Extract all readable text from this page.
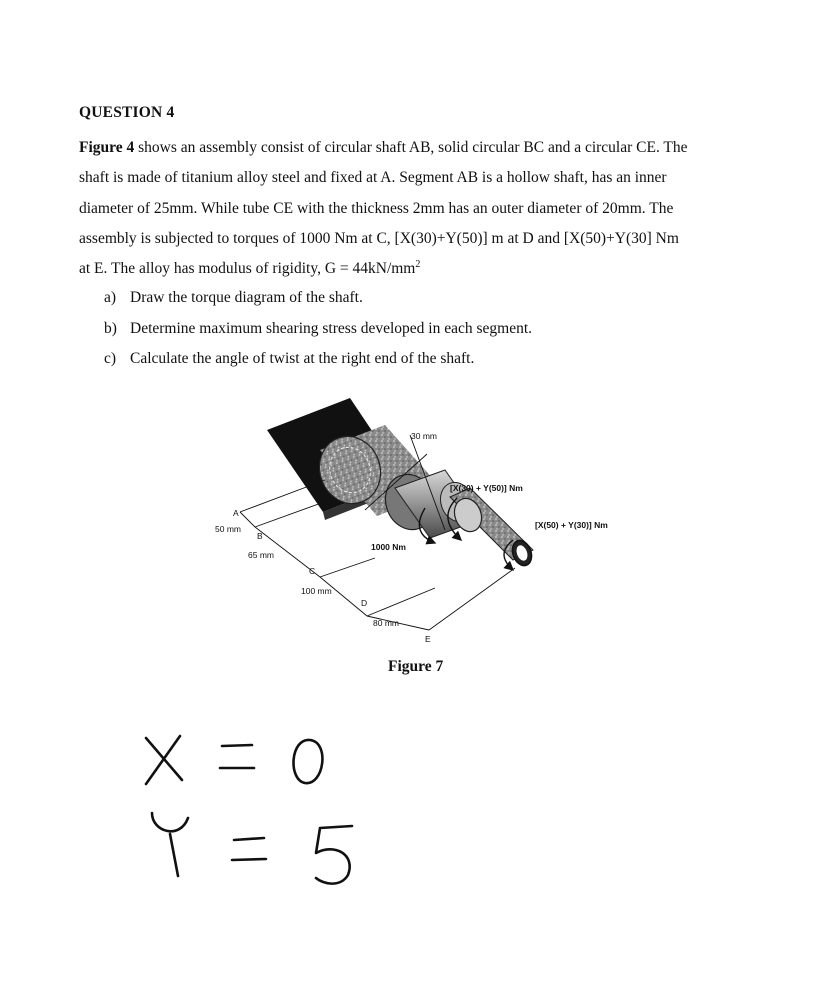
QUESTION 4
Figure 4 shows an assembly consist of circular shaft AB, solid circular BC and a circular CE. The
shaft is made of titanium alloy steel and fixed at A. Segment AB is a hollow shaft, has an inner
diameter of 25mm. While tube CE with the thickness 2mm has an outer diameter of 20mm. The
assembly is subjected to torques of 1000 Nm at C, [X(30)+Y(50)] m at D and [X(50)+Y(30] Nm
at E. The alloy has modulus of rigidity, $G = 44kN/mm^2$
a) Draw the torque diagram of the shaft.
b) Determine maximum shearing stress developed in each segment.
c) Calculate the angle of twist at the right end of the shaft.
30 mm
[X(30) + Y(50)] Nm
[X(50) + Y(30)] Nm
1000 Nm
50 mm
65 mm
100 mm
80 mm
A
B
C
D
E
Figure 7
